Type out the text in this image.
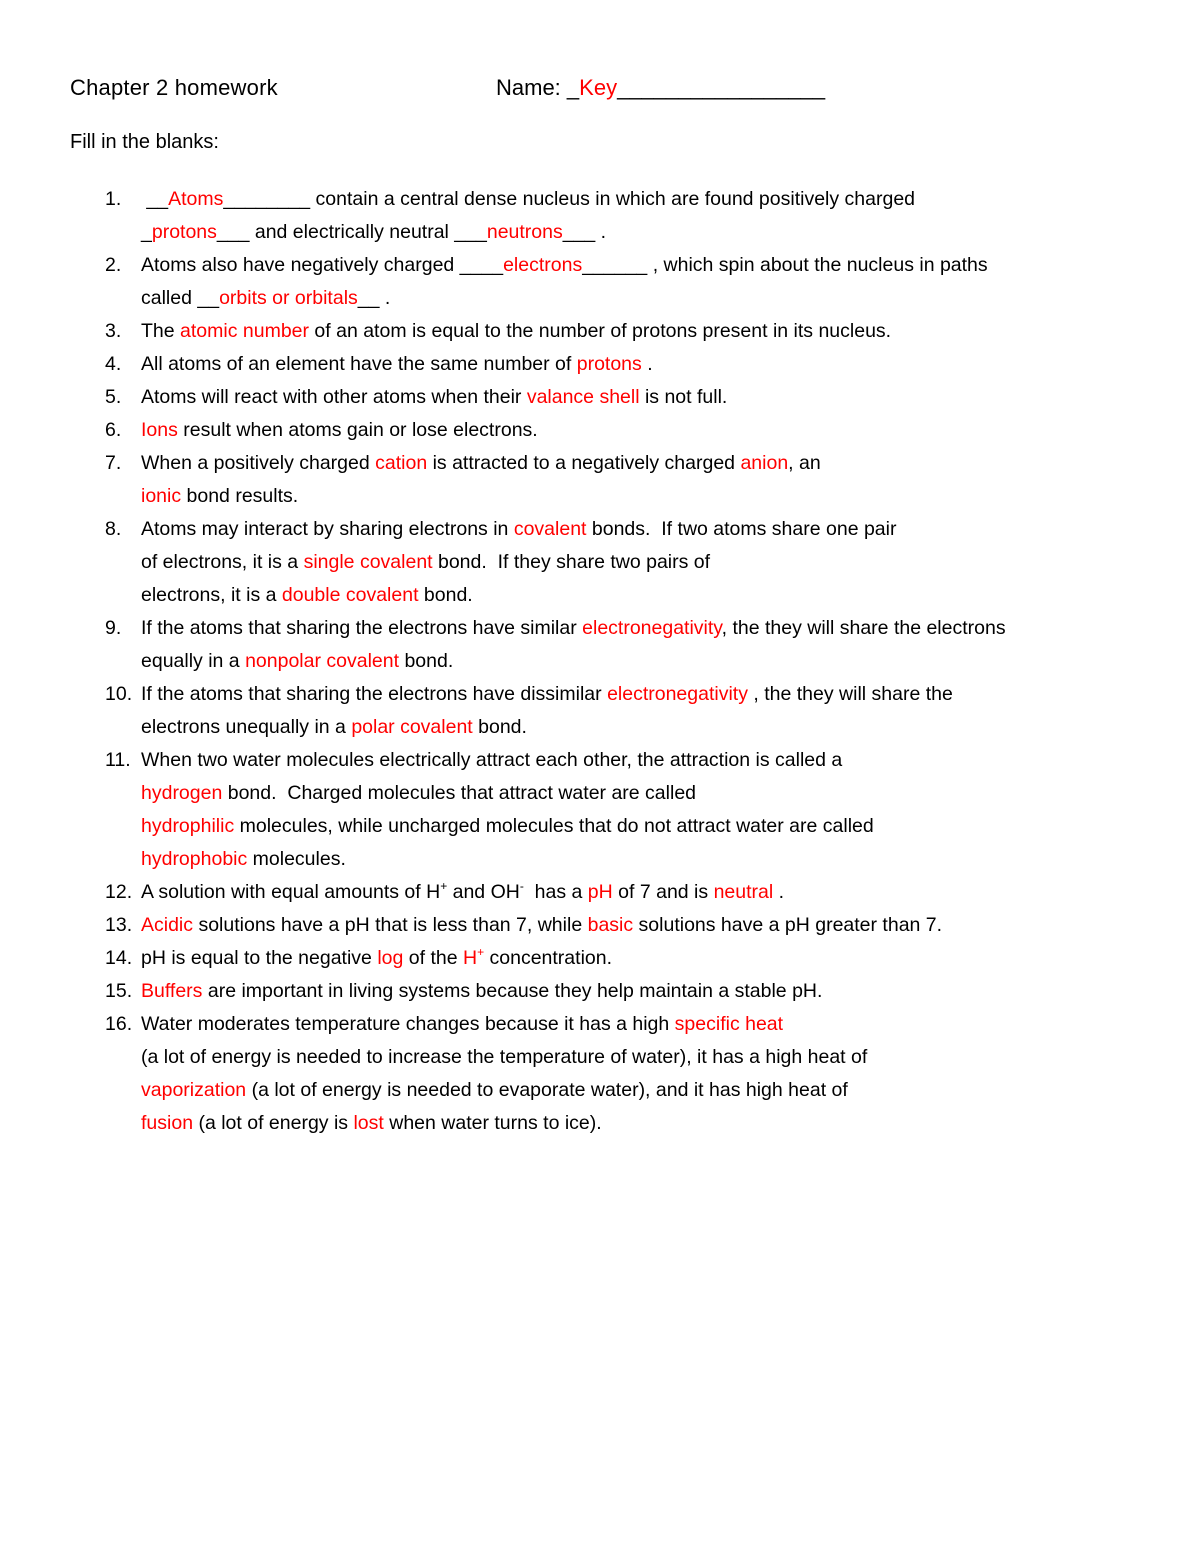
Chapter 2 homework	Name: _Key_________________
Fill in the blanks:
1. __Atoms________ contain a central dense nucleus in which are found positively charged
_protons___ and electrically neutral ___neutrons___ .
2. Atoms also have negatively charged ____electrons______ , which spin about the nucleus in paths
called __orbits or orbitals__ .
3. The atomic number of an atom is equal to the number of protons present in its nucleus.
4. All atoms of an element have the same number of protons .
5. Atoms will react with other atoms when their valance shell is not full.
6. Ions result when atoms gain or lose electrons.
7. When a positively charged cation is attracted to a negatively charged anion, an
ionic bond results.
8. Atoms may interact by sharing electrons in covalent bonds.  If two atoms share one pair
of electrons, it is a single covalent bond.  If they share two pairs of
electrons, it is a double covalent bond.
9. If the atoms that sharing the electrons have similar electronegativity, the they will share the electrons
equally in a nonpolar covalent bond.
10. If the atoms that sharing the electrons have dissimilar electronegativity , the they will share the
electrons unequally in a polar covalent bond.
11. When two water molecules electrically attract each other, the attraction is called a
hydrogen bond.  Charged molecules that attract water are called
hydrophilic molecules, while uncharged molecules that do not attract water are called
hydrophobic molecules.
12. A solution with equal amounts of H+ and OH-  has a pH of 7 and is neutral .
13. Acidic solutions have a pH that is less than 7, while basic solutions have a pH greater than 7.
14. pH is equal to the negative log of the H+ concentration.
15. Buffers are important in living systems because they help maintain a stable pH.
16. Water moderates temperature changes because it has a high specific heat
(a lot of energy is needed to increase the temperature of water), it has a high heat of
vaporization (a lot of energy is needed to evaporate water), and it has high heat of
fusion (a lot of energy is lost when water turns to ice).
